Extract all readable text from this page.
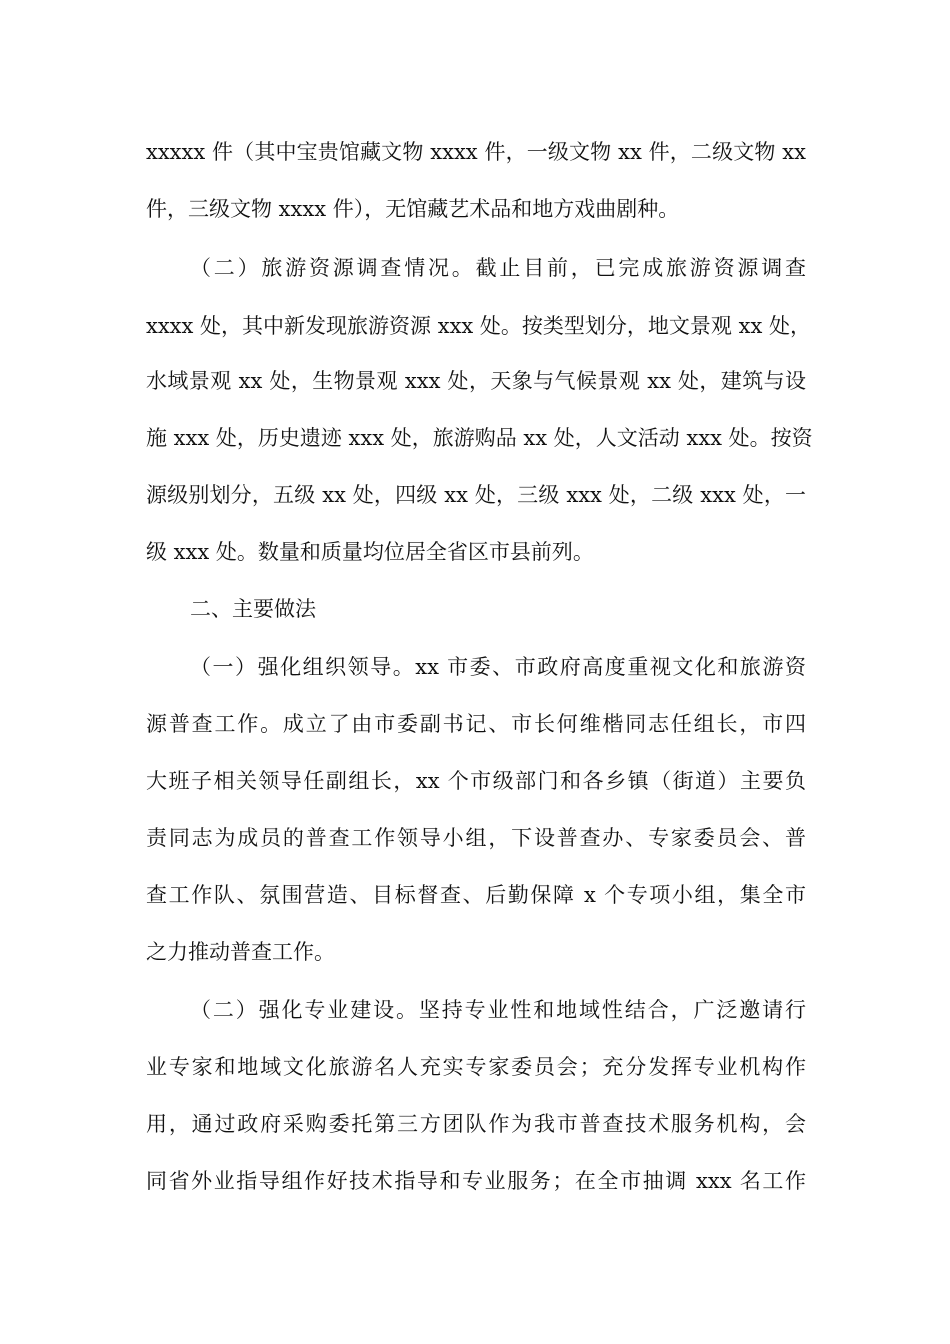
xxxxx 件（其中宝贵馆藏文物 xxxx 件，一级文物 xx 件，二级文物 xx
件，三级文物 xxxx 件），无馆藏艺术品和地方戏曲剧种。
（二）旅游资源调查情况。截止目前，已完成旅游资源调查
xxxx 处，其中新发现旅游资源 xxx 处。按类型划分，地文景观 xx 处，
水域景观 xx 处，生物景观 xxx 处，天象与气候景观 xx 处，建筑与设
施 xxx 处，历史遗迹 xxx 处，旅游购品 xx 处，人文活动 xxx 处。按资
源级别划分，五级 xx 处，四级 xx 处，三级 xxx 处，二级 xxx 处，一
级 xxx 处。数量和质量均位居全省区市县前列。
二、主要做法
（一）强化组织领导。xx 市委、市政府高度重视文化和旅游资
源普查工作。成立了由市委副书记、市长何维楷同志任组长，市四
大班子相关领导任副组长，xx 个市级部门和各乡镇（街道）主要负
责同志为成员的普查工作领导小组，下设普查办、专家委员会、普
查工作队、氛围营造、目标督查、后勤保障 x 个专项小组，集全市
之力推动普查工作。
（二）强化专业建设。坚持专业性和地域性结合，广泛邀请行
业专家和地域文化旅游名人充实专家委员会；充分发挥专业机构作
用，通过政府采购委托第三方团队作为我市普查技术服务机构，会
同省外业指导组作好技术指导和专业服务；在全市抽调 xxx 名工作
